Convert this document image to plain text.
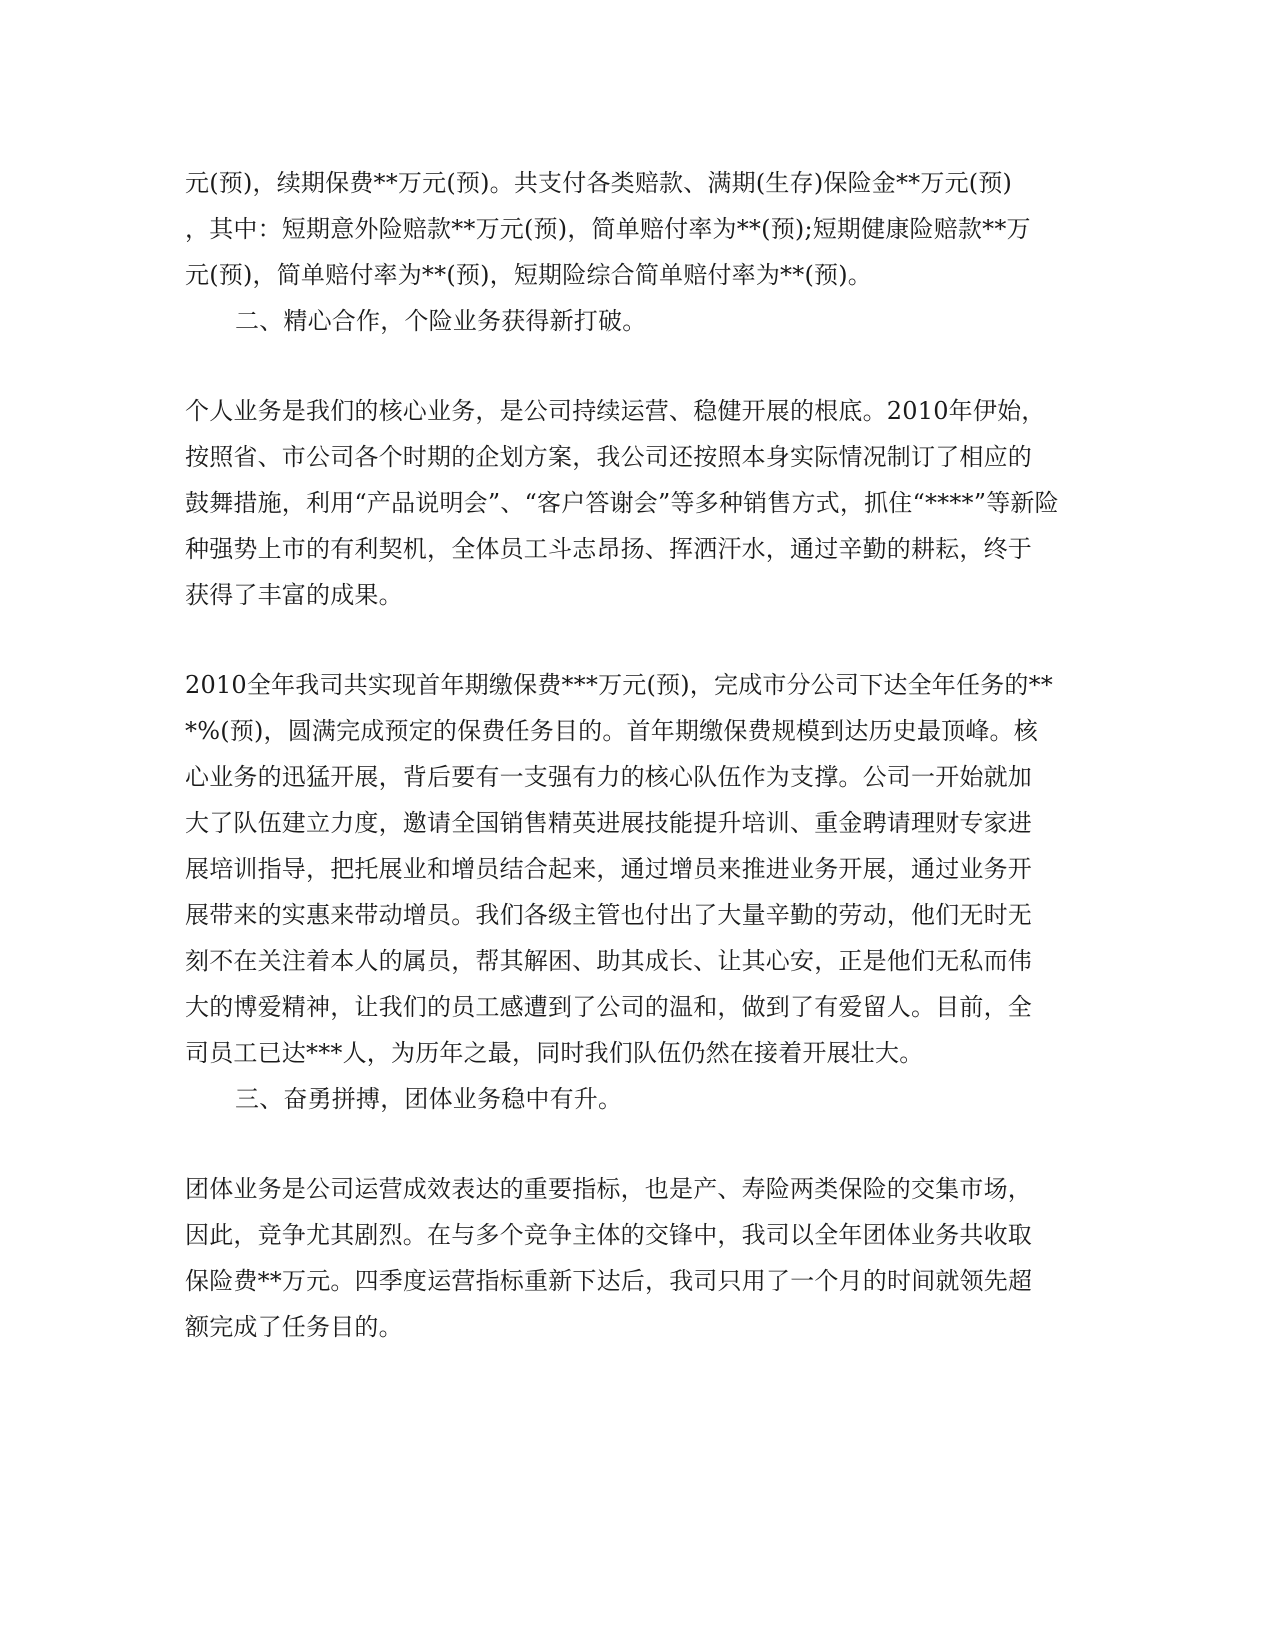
元(预)，续期保费**万元(预)。共支付各类赔款、满期(生存)保险金**万元(预)
，其中：短期意外险赔款**万元(预)，简单赔付率为**(预);短期健康险赔款**万
元(预)，简单赔付率为**(预)，短期险综合简单赔付率为**(预)。
二、精心合作，个险业务获得新打破。
个人业务是我们的核心业务，是公司持续运营、稳健开展的根底。2010年伊始，
按照省、市公司各个时期的企划方案，我公司还按照本身实际情况制订了相应的
鼓舞措施，利用“产品说明会”、“客户答谢会”等多种销售方式，抓住“****”等新险
种强势上市的有利契机，全体员工斗志昂扬、挥洒汗水，通过辛勤的耕耘，终于
获得了丰富的成果。
2010全年我司共实现首年期缴保费***万元(预)，完成市分公司下达全年任务的**
*%(预)，圆满完成预定的保费任务目的。首年期缴保费规模到达历史最顶峰。核
心业务的迅猛开展，背后要有一支强有力的核心队伍作为支撑。公司一开始就加
大了队伍建立力度，邀请全国销售精英进展技能提升培训、重金聘请理财专家进
展培训指导，把托展业和增员结合起来，通过增员来推进业务开展，通过业务开
展带来的实惠来带动增员。我们各级主管也付出了大量辛勤的劳动，他们无时无
刻不在关注着本人的属员，帮其解困、助其成长、让其心安，正是他们无私而伟
大的博爱精神，让我们的员工感遭到了公司的温和，做到了有爱留人。目前，全
司员工已达***人，为历年之最，同时我们队伍仍然在接着开展壮大。
三、奋勇拼搏，团体业务稳中有升。
团体业务是公司运营成效表达的重要指标，也是产、寿险两类保险的交集市场，
因此，竞争尤其剧烈。在与多个竞争主体的交锋中，我司以全年团体业务共收取
保险费**万元。四季度运营指标重新下达后，我司只用了一个月的时间就领先超
额完成了任务目的。
